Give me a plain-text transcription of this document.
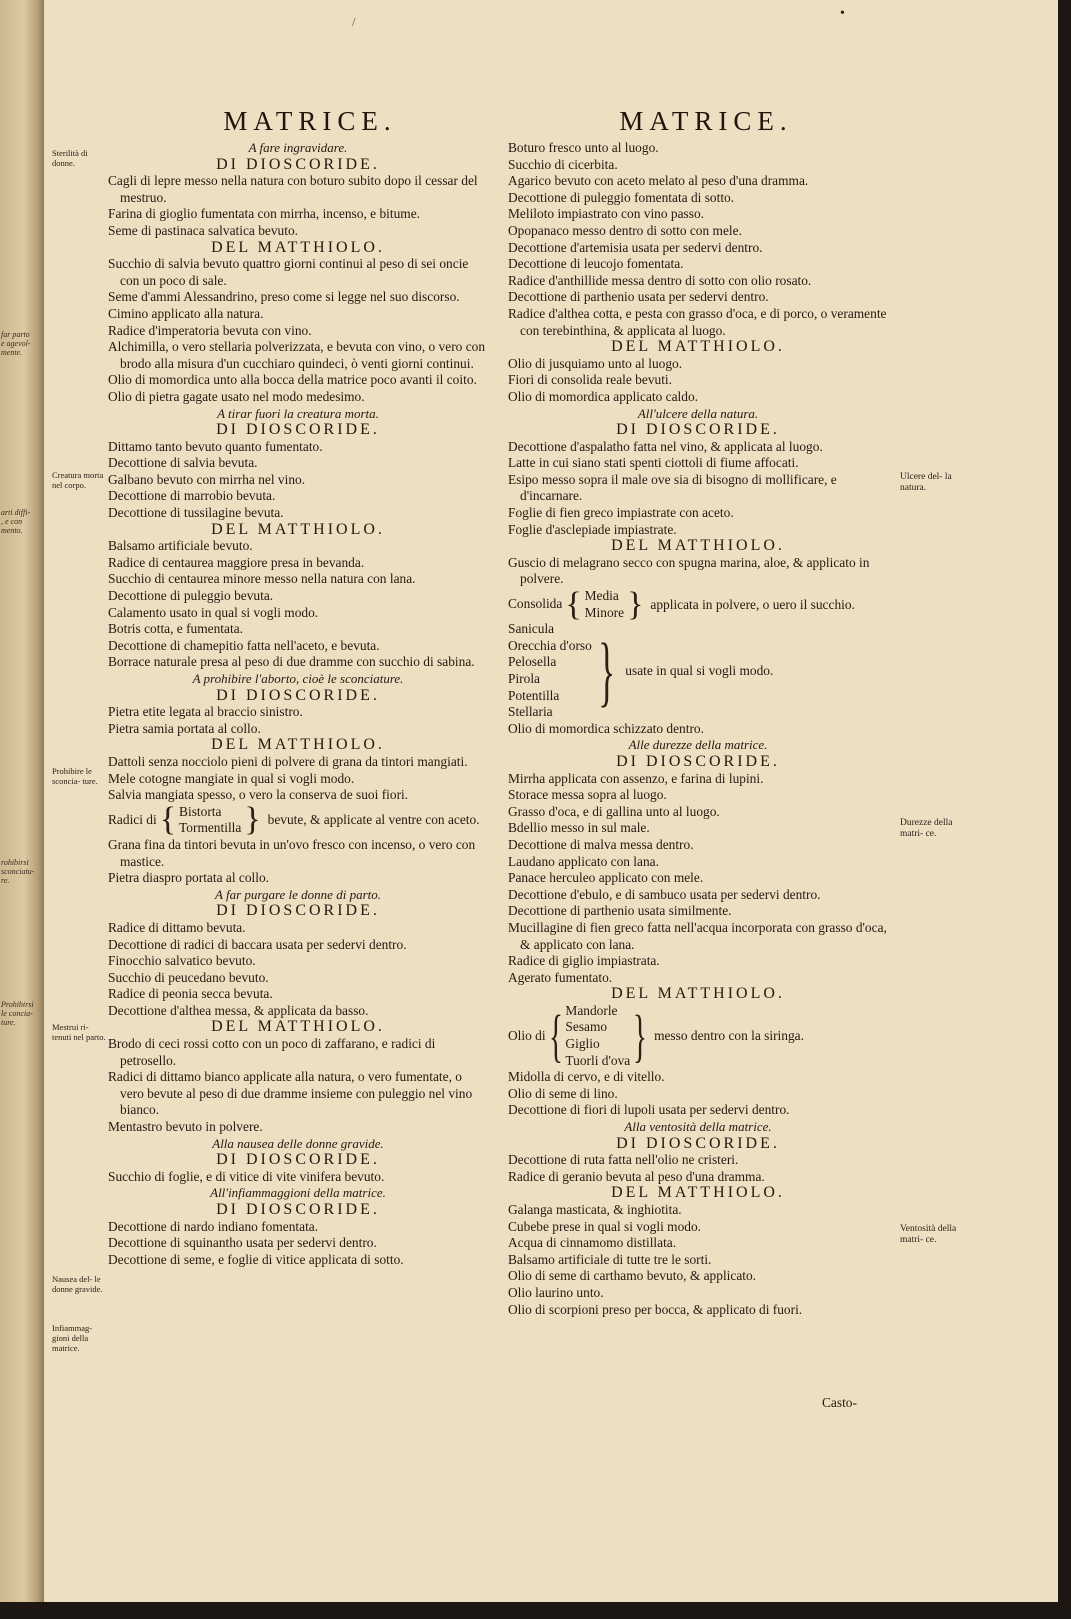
far parto e agevol- mente.
arti diffi- , e con mento.
rohibirsi sconciatu- re.
Prohibirsi le concia- ture.
•
/
MATRICE.	MATRICE.
A fare ingravidare.
DI DIOSCORIDE.

Cagli di lepre messo nella natura con boturo subito dopo il cessar del mestruo.

Farina di gioglio fumentata con mirrha, incenso, e bitume.

Seme di pastinaca salvatica bevuto.

DEL MATTHIOLO.

Succhio di salvia bevuto quattro giorni continui al peso di sei oncie con un poco di sale.

Seme d'ammi Alessandrino, preso come si legge nel suo discorso.

Cimino applicato alla natura.

Radice d'imperatoria bevuta con vino.

Alchimilla, o vero stellaria polverizzata, e bevuta con vino, o vero con brodo alla misura d'un cucchiaro quindeci, ò venti giorni continui.

Olio di momordica unto alla bocca della matrice poco avanti il coito.

Olio di pietra gagate usato nel modo medesimo.

A tirar fuori la creatura morta.
DI DIOSCORIDE.

Dittamo tanto bevuto quanto fumentato.

Decottione di salvia bevuta.

Galbano bevuto con mirrha nel vino.

Decottione di marrobio bevuta.

Decottione di tussilagine bevuta.

DEL MATTHIOLO.

Balsamo artificiale bevuto.

Radice di centaurea maggiore presa in bevanda.

Succhio di centaurea minore messo nella natura con lana.

Decottione di puleggio bevuta.

Calamento usato in qual si vogli modo.

Botris cotta, e fumentata.

Decottione di chamepitio fatta nell'aceto, e bevuta.

Borrace naturale presa al peso di due dramme con succhio di sabina.

A prohibire l'aborto, cioè le sconciature.
DI DIOSCORIDE.

Pietra etite legata al braccio sinistro.

Pietra samia portata al collo.

DEL MATTHIOLO.

Dattoli senza nocciolo pieni di polvere di grana da tintori mangiati.

Mele cotogne mangiate in qual si vogli modo.

Salvia mangiata spesso, o vero la conserva de suoi fiori.

Radici di { Bistorta
Tormentilla } bevute, & applicate al ventre con aceto.

Grana fina da tintori bevuta in un'ovo fresco con incenso, o vero con mastice.

Pietra diaspro portata al collo.

A far purgare le donne di parto.
DI DIOSCORIDE.

Radice di dittamo bevuta.

Decottione di radici di baccara usata per sedervi dentro.

Finocchio salvatico bevuto.

Succhio di peucedano bevuto.

Radice di peonia secca bevuta.

Decottione d'althea messa, & applicata da basso.

DEL MATTHIOLO.

Brodo di ceci rossi cotto con un poco di zaffarano, e radici di petrosello.

Radici di dittamo bianco applicate alla natura, o vero fumentate, o vero bevute al peso di due dramme insieme con puleggio nel vino bianco.

Mentastro bevuto in polvere.

Alla nausea delle donne gravide.
DI DIOSCORIDE.

Succhio di foglie, e di vitice di vite vinifera bevuto.

All'infiammaggioni della matrice.
DI DIOSCORIDE.

Decottione di nardo indiano fomentata.

Decottione di squinantho usata per sedervi dentro.

Decottione di seme, e foglie di vitice applicata di sotto.

Boturo fresco unto al luogo.

Succhio di cicerbita.

Agarico bevuto con aceto melato al peso d'una dramma.

Decottione di puleggio fomentata di sotto.

Meliloto impiastrato con vino passo.

Opopanaco messo dentro di sotto con mele.

Decottione d'artemisia usata per sedervi dentro.

Decottione di leucojo fomentata.

Radice d'anthillide messa dentro di sotto con olio rosato.

Decottione di parthenio usata per sedervi dentro.

Radice d'althea cotta, e pesta con grasso d'oca, e di porco, o veramente con terebinthina, & applicata al luogo.

DEL MATTHIOLO.

Olio di jusquiamo unto al luogo.

Fiori di consolida reale bevuti.

Olio di momordica applicato caldo.

All'ulcere della natura.
DI DIOSCORIDE.

Decottione d'aspalatho fatta nel vino, & applicata al luogo.

Latte in cui siano stati spenti ciottoli di fiume affocati.

Esipo messo sopra il male ove sia di bisogno di mollificare, e d'incarnare.

Foglie di fien greco impiastrate con aceto.

Foglie d'asclepiade impiastrate.

DEL MATTHIOLO.

Guscio di melagrano secco con spugna marina, aloe, & applicato in polvere.

Consolida { Media
Minore } applicata in polvere, o uero il succhio.
Sanicula
Orecchia d'orso
Pelosella
Pirola
Potentilla
Stellaria } usate in qual si vogli modo.

Olio di momordica schizzato dentro.

Alle durezze della matrice.
DI DIOSCORIDE.

Mirrha applicata con assenzo, e farina di lupini.

Storace messa sopra al luogo.

Grasso d'oca, e di gallina unto al luogo.

Bdellio messo in sul male.

Decottione di malva messa dentro.

Laudano applicato con lana.

Panace herculeo applicato con mele.

Decottione d'ebulo, e di sambuco usata per sedervi dentro.

Decottione di parthenio usata similmente.

Mucillagine di fien greco fatta nell'acqua incorporata con grasso d'oca, & applicato con lana.

Radice di giglio impiastrata.

Agerato fumentato.

DEL MATTHIOLO.
Olio di { Mandorle
Sesamo
Giglio
Tuorli d'ova } messo dentro con la siringa.

Midolla di cervo, e di vitello.

Olio di seme di lino.

Decottione di fiori di lupoli usata per sedervi dentro.

Alla ventosità della matrice.
DI DIOSCORIDE.

Decottione di ruta fatta nell'olio ne cristeri.

Radice di geranio bevuta al peso d'una dramma.

DEL MATTHIOLO.

Galanga masticata, & inghiotita.

Cubebe prese in qual si vogli modo.

Acqua di cinnamomo distillata.

Balsamo artificiale di tutte tre le sorti.

Olio di seme di carthamo bevuto, & applicato.

Olio laurino unto.

Olio di scorpioni preso per bocca, & applicato di fuori.

Sterilità di donne.
Creatura morta nel corpo.
Prohibire le sconcia- ture.
Mestrui ri- tenuti nel parto.
Nausea del- le donne gravide.
Infiammag- gioni della matrice.
Ulcere del- la natura.
Durezze della matri- ce.
Ventosità della matri- ce.
Casto-
